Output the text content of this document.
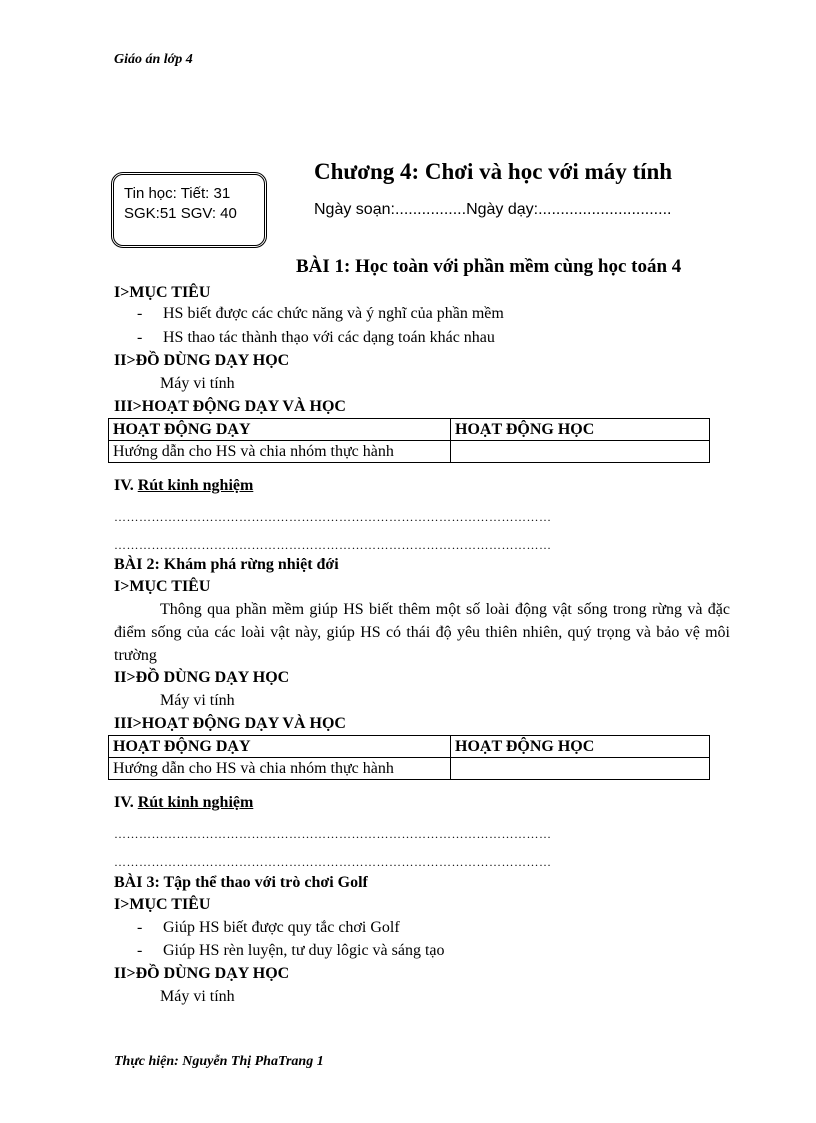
Giáo án lớp 4
Tin học: Tiết: 31
SGK:51 SGV: 40
Chương 4: Chơi và học với máy tính
Ngày soạn:................Ngày dạy:..............................
BÀI 1: Học toàn với phần mềm cùng học toán 4
I>MỤC TIÊU
- HS biết được các chức năng và ý nghĩ của phần mềm
- HS thao tác thành thạo với các dạng toán khác nhau
II>ĐỒ DÙNG DẠY HỌC
Máy vi tính
III>HOẠT ĐỘNG DẠY VÀ HỌC
HOẠT ĐỘNG DẠY	HOẠT ĐỘNG HỌC
Hướng dẫn cho HS và chia nhóm thực hành	
IV. Rút kinh nghiệm
……………………………………………………………………………………………
……………………………………………………………………………………………
BÀI 2: Khám phá rừng nhiệt đới
I>MỤC TIÊU
Thông qua phần mềm giúp HS biết thêm một số loài động vật sống trong rừng và đặc điểm sống của các loài vật này, giúp HS có thái độ yêu thiên nhiên, quý trọng và bảo vệ môi trường
II>ĐỒ DÙNG DẠY HỌC
Máy vi tính
III>HOẠT ĐỘNG DẠY VÀ HỌC
HOẠT ĐỘNG DẠY	HOẠT ĐỘNG HỌC
Hướng dẫn cho HS và chia nhóm thực hành	
IV. Rút kinh nghiệm
……………………………………………………………………………………………
……………………………………………………………………………………………
BÀI 3: Tập thể thao với trò chơi Golf
I>MỤC TIÊU
- Giúp HS biết được quy tắc chơi Golf
- Giúp HS rèn luyện, tư duy lôgic và sáng tạo
II>ĐỒ DÙNG DẠY HỌC
Máy vi tính
Thực hiện: Nguyễn Thị PhaTrang 1
